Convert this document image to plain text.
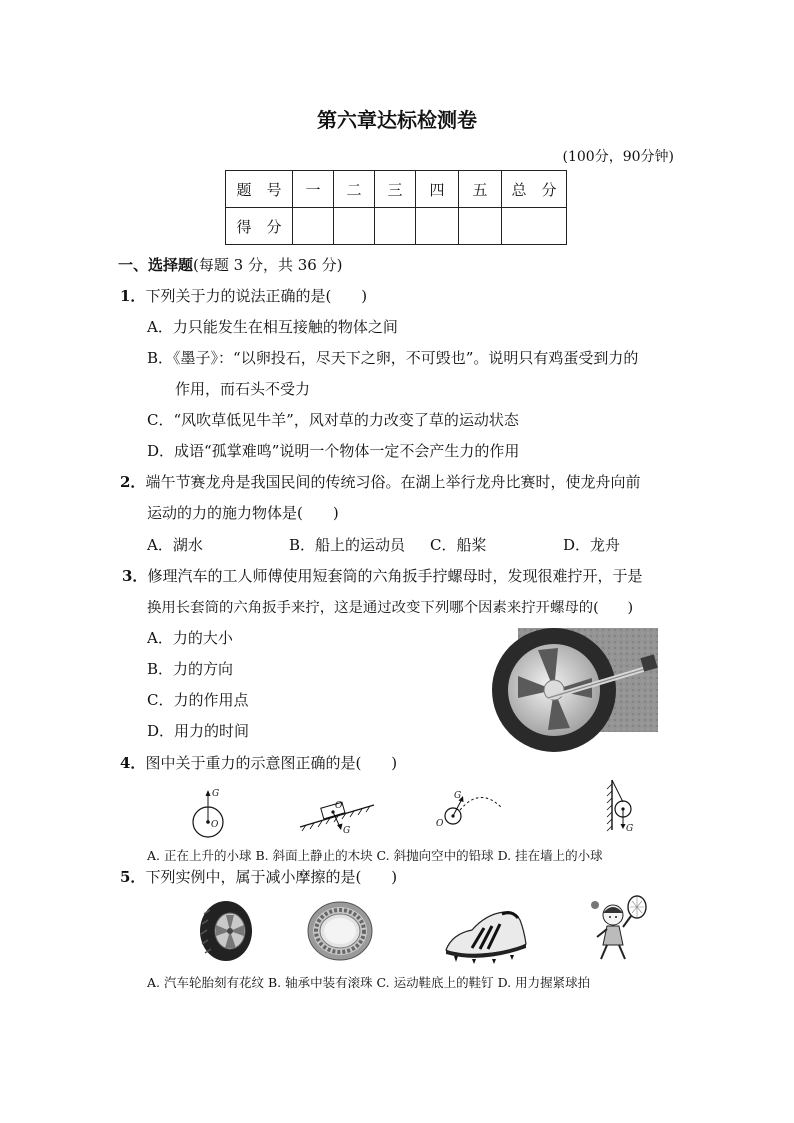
第六章达标检测卷
(100分，90分钟)
题　号	一	二	三	四	五	总　分
得　分						
一、选择题(每题 3 分，共 36 分)
1．下列关于力的说法正确的是(　　)
A．力只能发生在相互接触的物体之间
B．《墨子》：“以卵投石，尽天下之卵，不可毁也”。说明只有鸡蛋受到力的
作用，而石头不受力
C．“风吹草低见牛羊”，风对草的力改变了草的运动状态
D．成语“孤掌难鸣”说明一个物体一定不会产生力的作用
2．端午节赛龙舟是我国民间的传统习俗。在湖上举行龙舟比赛时，使龙舟向前
运动的力的施力物体是(　　)
A．湖水	B．船上的运动员 C．船桨	D．龙舟
3．修理汽车的工人师傅使用短套筒的六角扳手拧螺母时，发现很难拧开，于是
换用长套筒的六角扳手来拧，这是通过改变下列哪个因素来拧开螺母的(　　)
A．力的大小
B．力的方向
C．力的作用点
D．用力的时间
4．图中关于重力的示意图正确的是(　　)
G
O
O
G
G
O	G
A. 正在上升的小球 B. 斜面上静止的木块 C. 斜抛向空中的铅球 D. 挂在墙上的小球
5．下列实例中，属于减小摩擦的是(　　)
A. 汽车轮胎刻有花纹 B. 轴承中装有滚珠 C. 运动鞋底上的鞋钉 D. 用力握紧球拍
